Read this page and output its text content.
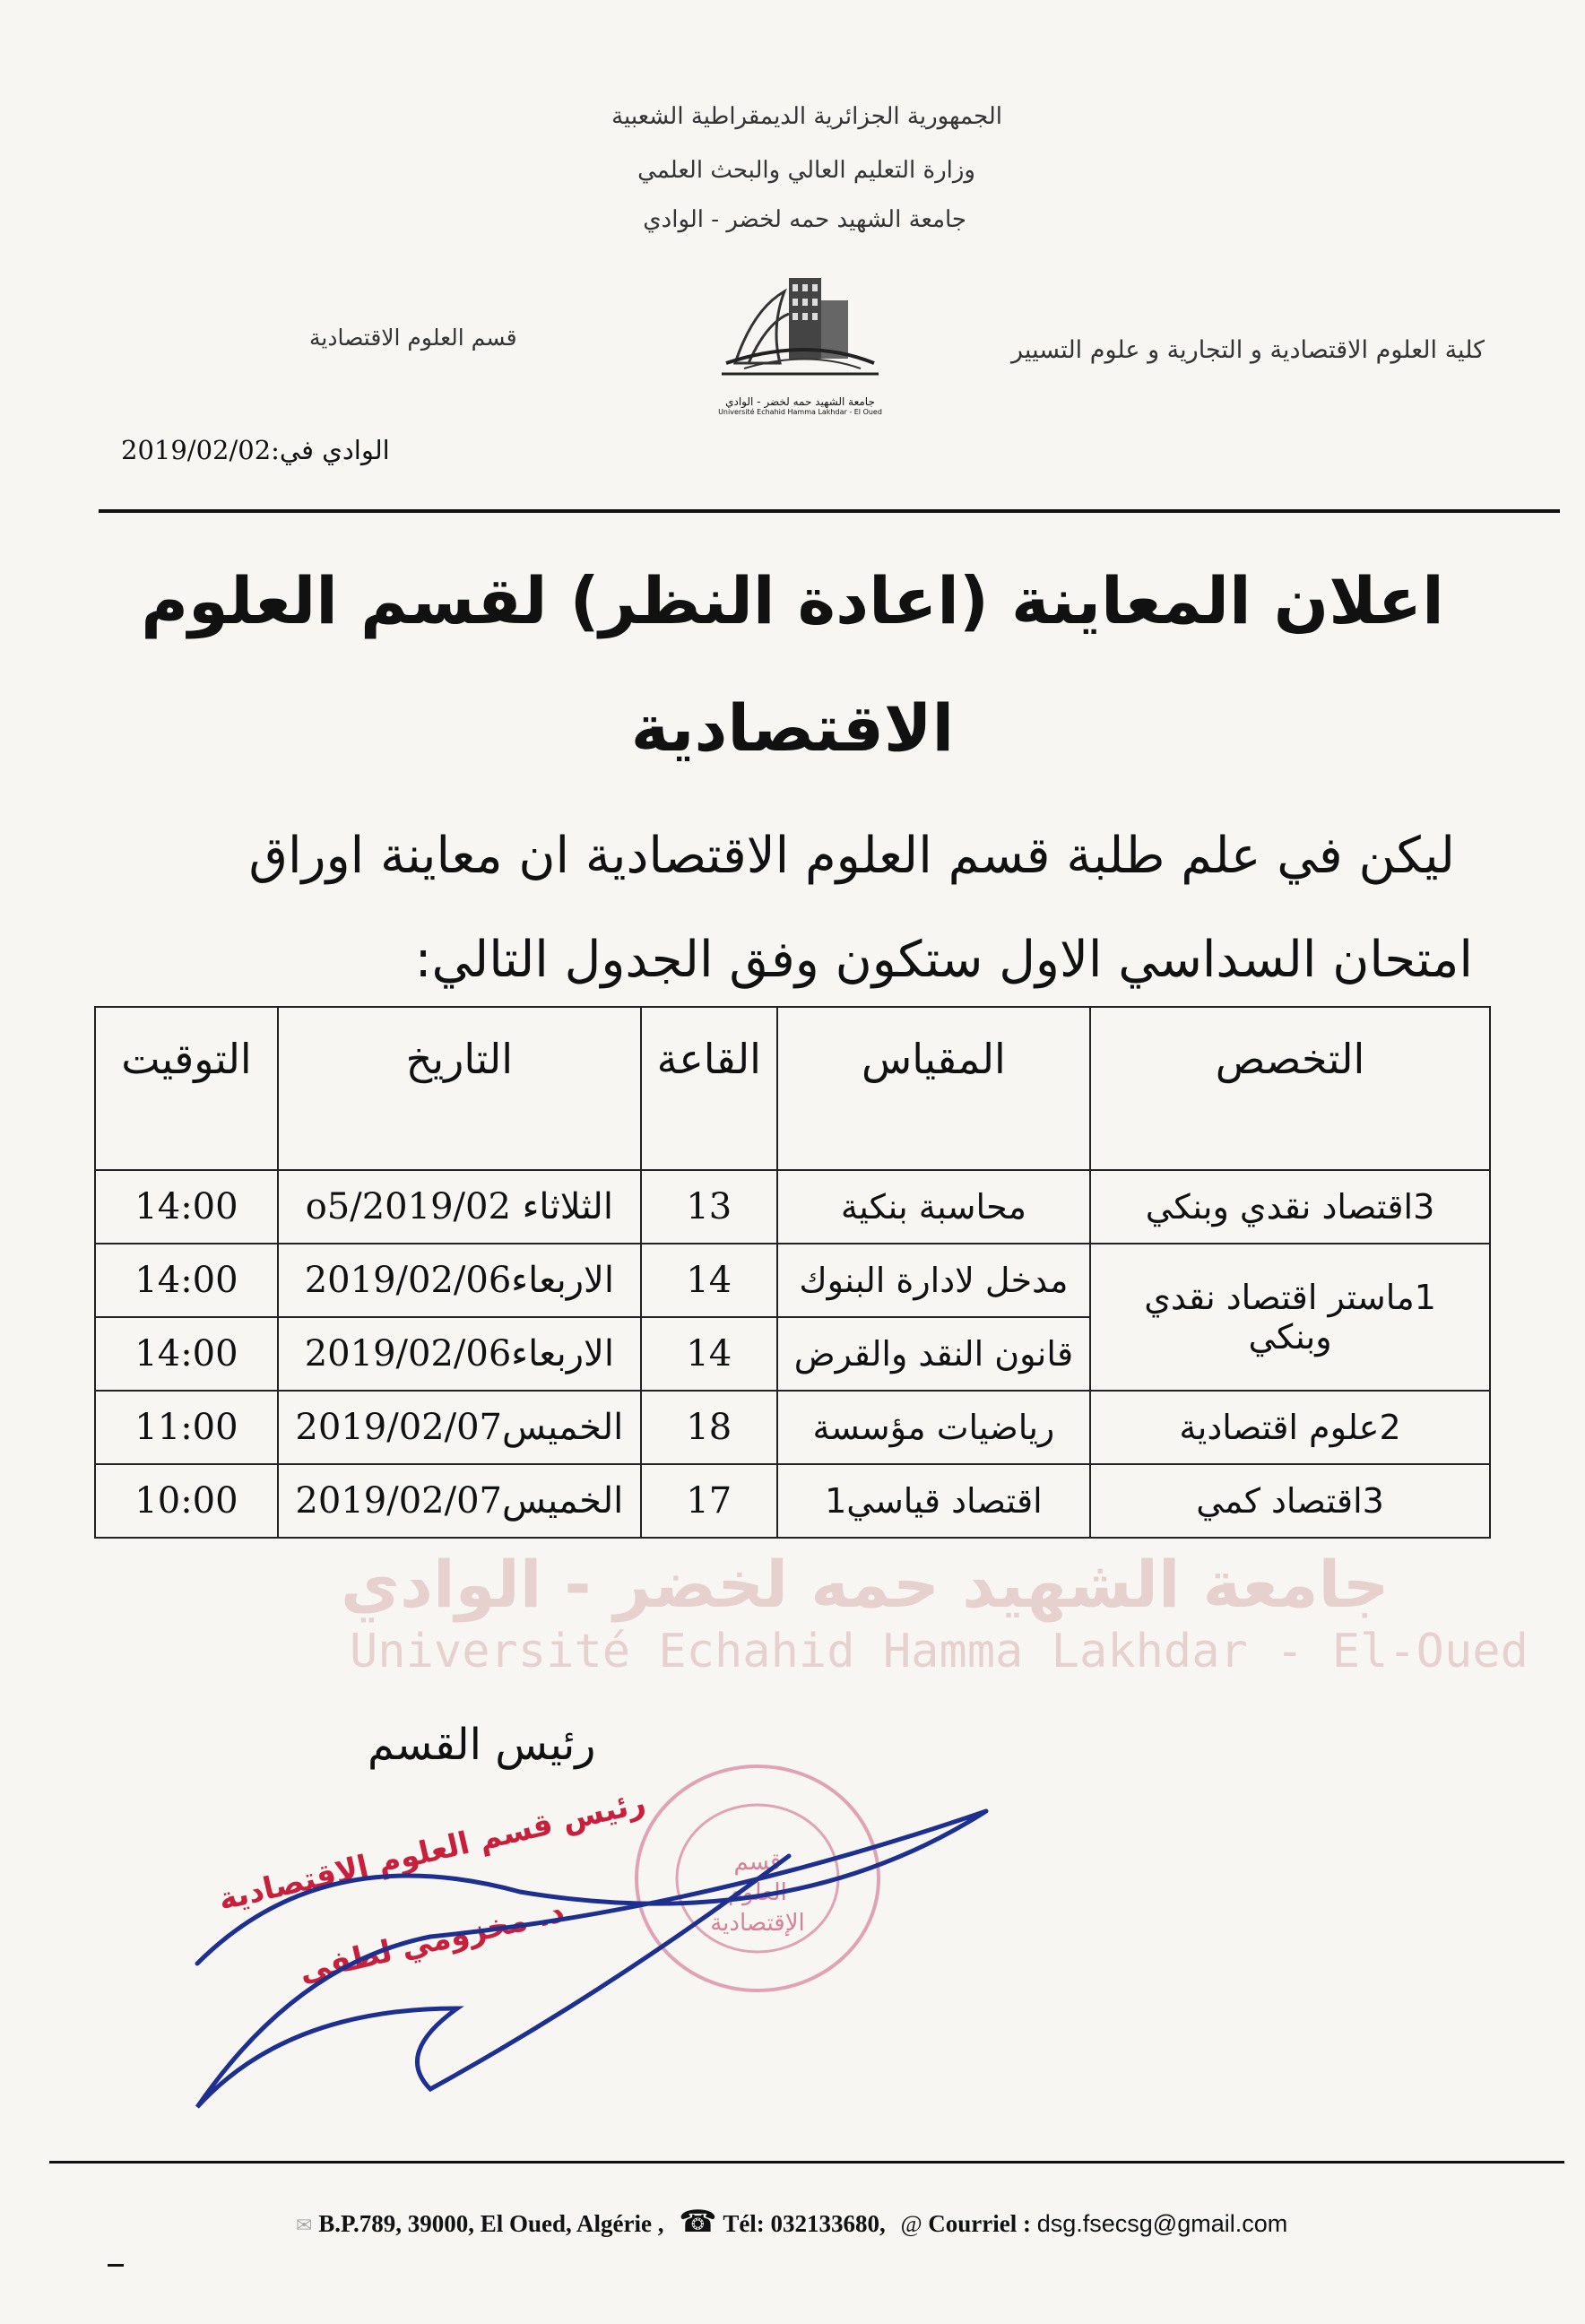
الجمهورية الجزائرية الديمقراطية الشعبية
وزارة التعليم العالي والبحث العلمي
جامعة الشهيد حمه لخضر - الوادي
كلية العلوم الاقتصادية و التجارية و علوم التسيير
قسم العلوم الاقتصادية
جامعة الشهيد حمه لخضر - الوادي
Université Echahid Hamma Lakhdar - El Oued
الوادي في:2019/02/02
اعلان المعاينة (اعادة النظر) لقسم العلوم
الاقتصادية
ليكن في علم طلبة قسم العلوم الاقتصادية ان معاينة اوراق
امتحان السداسي الاول ستكون وفق الجدول التالي:
التخصص	المقياس	القاعة	التاريخ	التوقيت
3اقتصاد نقدي وبنكي	محاسبة بنكية	13	الثلاثاء 2019/02/o5	14:00
1ماستر اقتصاد نقدي وبنكي	مدخل لادارة البنوك	14	الاربعاء2019/02/06	14:00
	قانون النقد والقرض	14	الاربعاء2019/02/06	14:00
2علوم اقتصادية	رياضيات مؤسسة	18	الخميس2019/02/07	11:00
3اقتصاد كمي	اقتصاد قياسي1	17	الخميس2019/02/07	10:00
جامعة الشهيد حمه لخضر - الوادي
Université Echahid Hamma Lakhdar - El-Oued
رئيس القسم
قسم العلوم الإقتصادية
رئيس قسم العلوم الاقتصادية
د. مخزومي لطفي
✉ B.P.789, 39000, El Oued, Algérie , ☎ Tél: 032133680, @ Courriel : dsg.fsecsg@gmail.com
